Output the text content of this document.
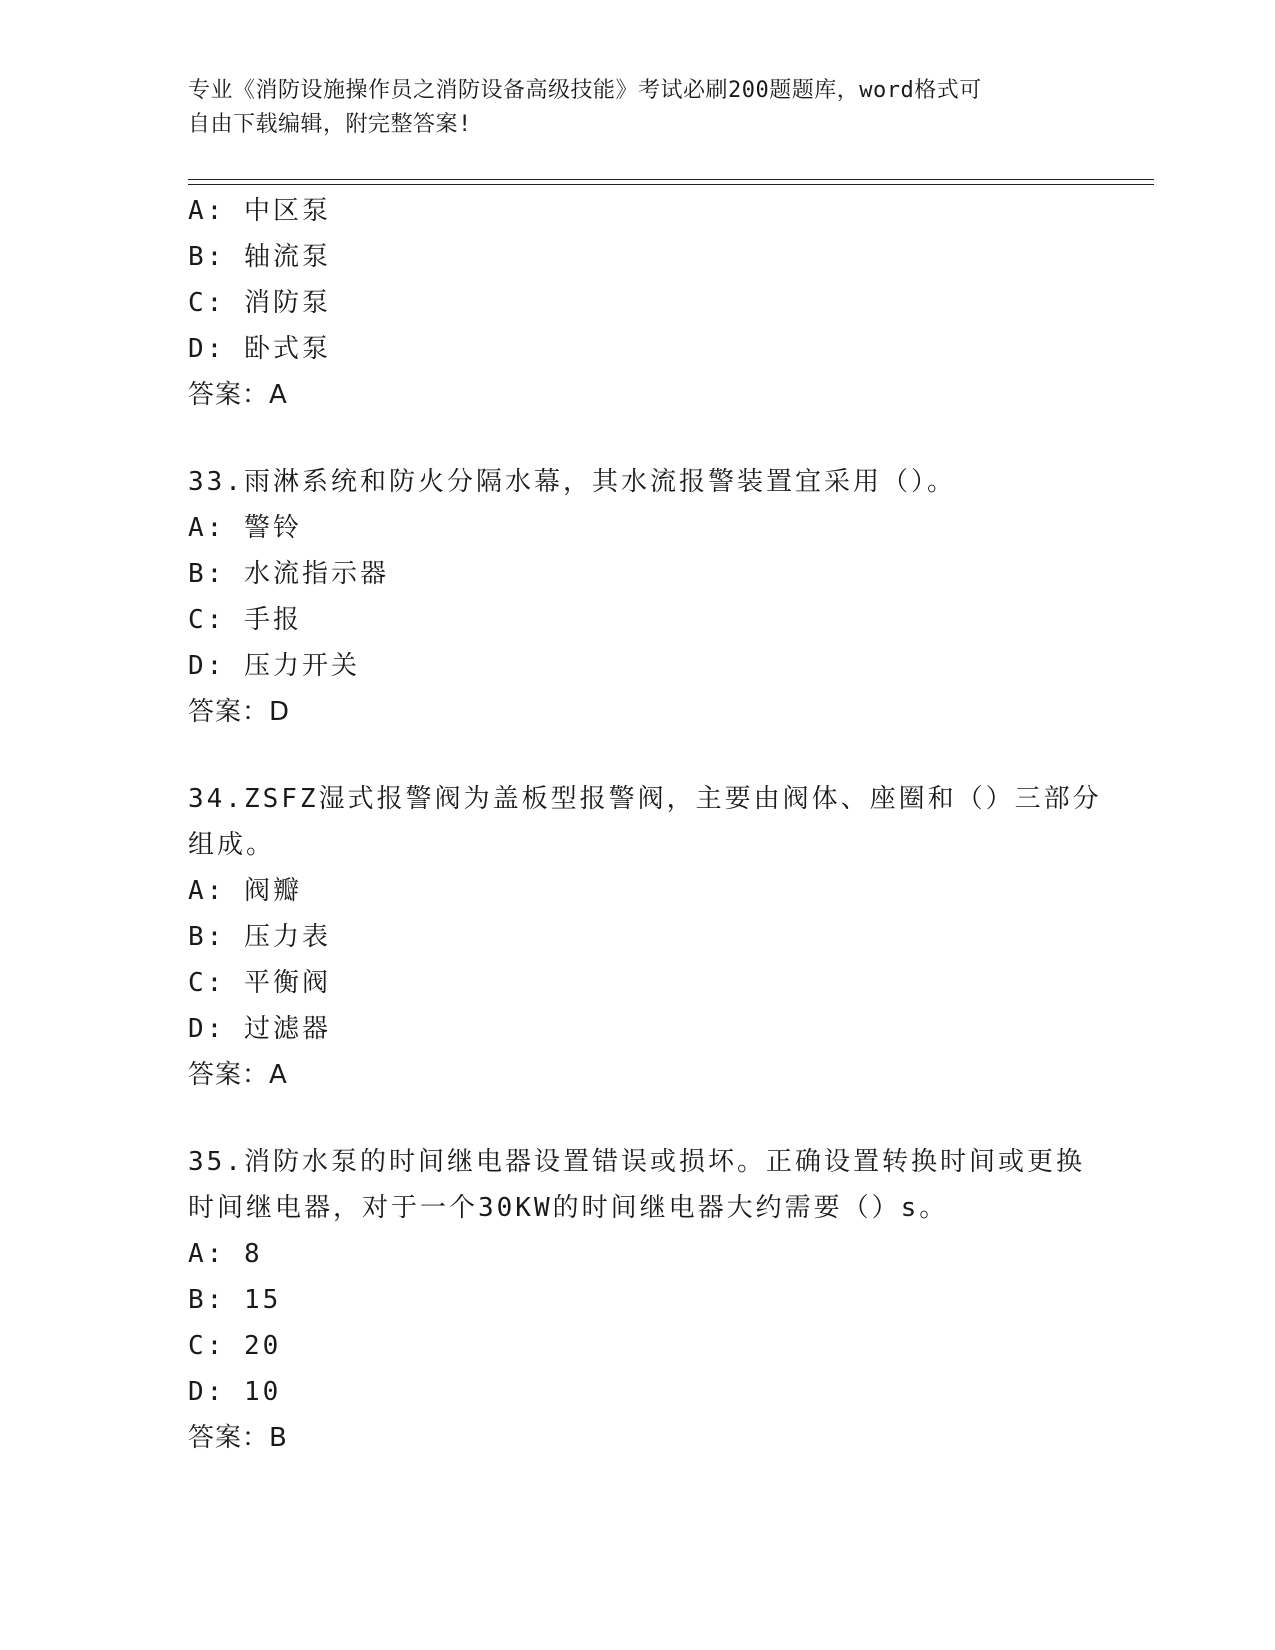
专业《消防设施操作员之消防设备高级技能》考试必刷200题题库，word格式可
自由下载编辑，附完整答案!
A: 中区泵
B: 轴流泵
C: 消防泵
D: 卧式泵
答案：A
33.雨淋系统和防火分隔水幕，其水流报警装置宜采用（）。
A: 警铃
B: 水流指示器
C: 手报
D: 压力开关
答案：D
34.ZSFZ湿式报警阀为盖板型报警阀，主要由阀体、座圈和（）三部分
组成。
A: 阀瓣
B: 压力表
C: 平衡阀
D: 过滤器
答案：A
35.消防水泵的时间继电器设置错误或损坏。正确设置转换时间或更换
时间继电器，对于一个30KW的时间继电器大约需要（）s。
A: 8
B: 15
C: 20
D: 10
答案：B
